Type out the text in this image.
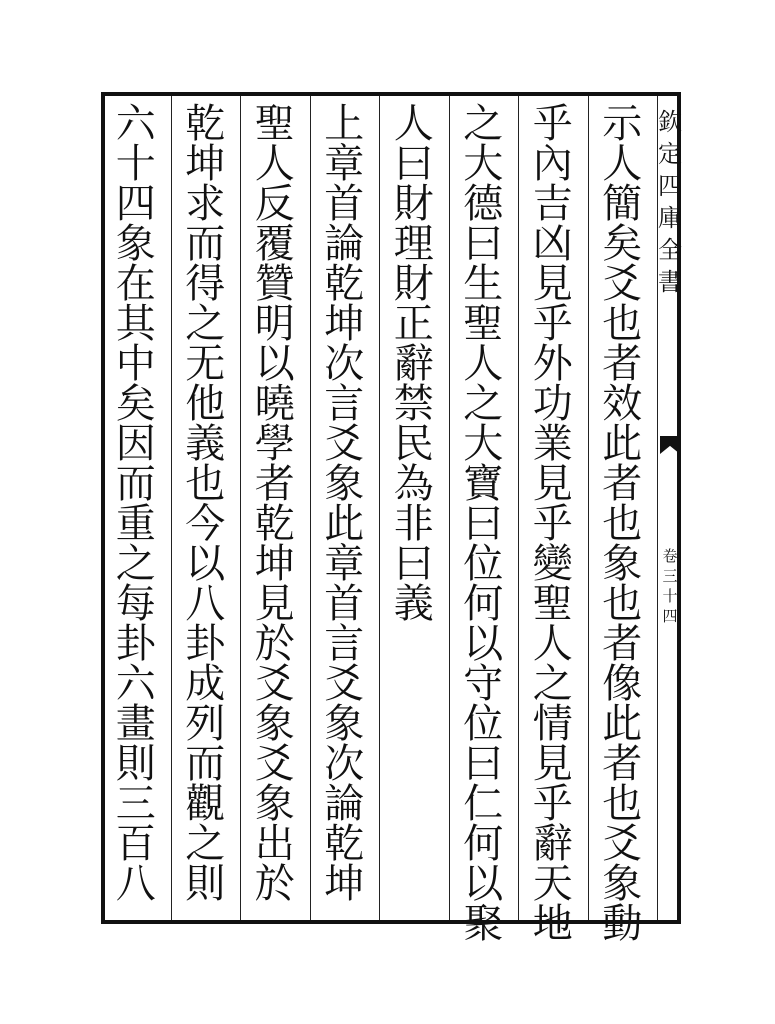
欽
定
四
庫
全
書
卷
三
十
四
示
人
簡
矣
爻
也
者
效
此
者
也
象
也
者
像
此
者
也
爻
象
動
乎
內
吉
凶
見
乎
外
功
業
見
乎
變
聖
人
之
情
見
乎
辭
天
地
之
大
德
曰
生
聖
人
之
大
寶
曰
位
何
以
守
位
曰
仁
何
以
聚
人
曰
財
理
財
正
辭
禁
民
為
非
曰
義
上
章
首
論
乾
坤
次
言
爻
象
此
章
首
言
爻
象
次
論
乾
坤
聖
人
反
覆
贊
明
以
曉
學
者
乾
坤
見
於
爻
象
爻
象
出
於
乾
坤
求
而
得
之
无
他
義
也
今
以
八
卦
成
列
而
觀
之
則
六
十
四
象
在
其
中
矣
因
而
重
之
每
卦
六
畫
則
三
百
八
